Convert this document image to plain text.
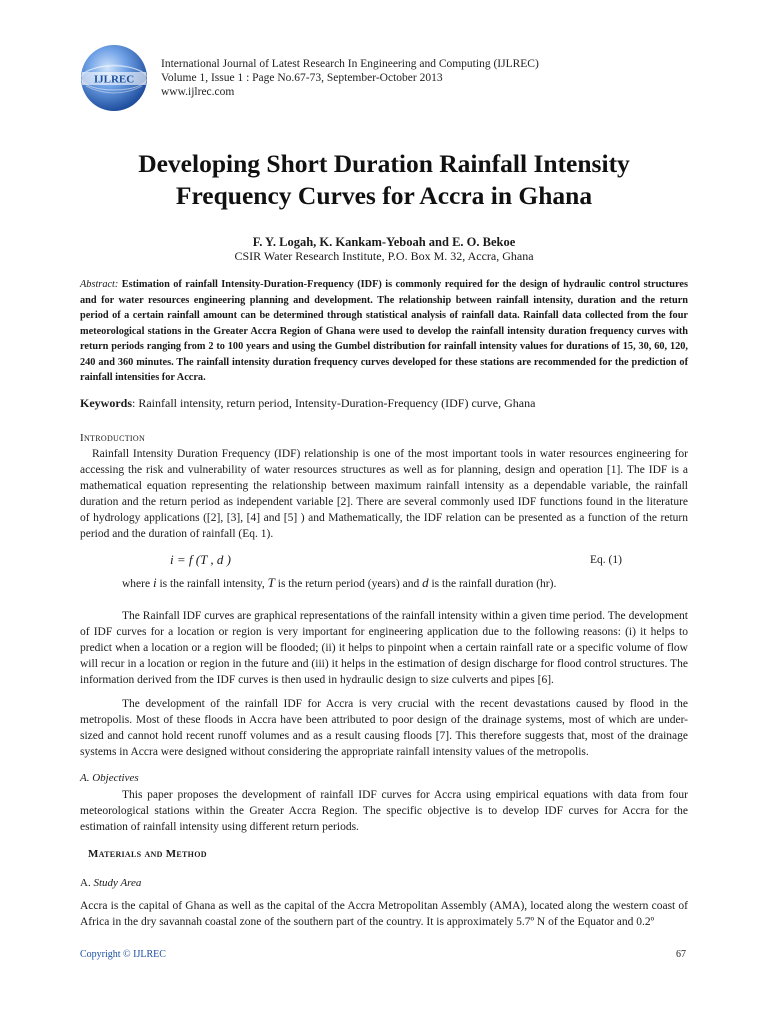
IJLREC
International Journal of Latest Research In Engineering and Computing (IJLREC)
Volume 1, Issue 1 : Page No.67-73, September-October 2013
www.ijlrec.com
Developing Short Duration Rainfall Intensity
Frequency Curves for Accra in Ghana
F. Y. Logah, K. Kankam-Yeboah and E. O. Bekoe
CSIR Water Research Institute, P.O. Box M. 32, Accra, Ghana
Abstract: Estimation of rainfall Intensity-Duration-Frequency (IDF) is commonly required for the design of hydraulic control structures and for water resources engineering planning and development. The relationship between rainfall intensity, duration and the return period of a certain rainfall amount can be determined through statistical analysis of rainfall data. Rainfall data collected from the four meteorological stations in the Greater Accra Region of Ghana were used to develop the rainfall intensity duration frequency curves with return periods ranging from 2 to 100 years and using the Gumbel distribution for rainfall intensity values for durations of 15, 30, 60, 120, 240 and 360 minutes. The rainfall intensity duration frequency curves developed for these stations are recommended for the prediction of rainfall intensities for Accra.
Keywords: Rainfall intensity, return period, Intensity-Duration-Frequency (IDF) curve, Ghana
Introduction
Rainfall Intensity Duration Frequency (IDF) relationship is one of the most important tools in water resources engineering for accessing the risk and vulnerability of water resources structures as well as for planning, design and operation [1]. The IDF is a mathematical equation representing the relationship between maximum rainfall intensity as a dependable variable, the rainfall duration and the return period as independent variable [2]. There are several commonly used IDF functions found in the literature of hydrology applications ([2], [3], [4] and [5] ) and Mathematically, the IDF relation can be presented as a function of the return period and the duration of rainfall (Eq. 1).
i = f (T , d )	Eq. (1)
where i is the rainfall intensity, T is the return period (years) and d is the rainfall duration (hr).
The Rainfall IDF curves are graphical representations of the rainfall intensity within a given time period. The development of IDF curves for a location or region is very important for engineering application due to the following reasons: (i) it helps to predict when a location or a region will be flooded; (ii) it helps to pinpoint when a certain rainfall rate or a specific volume of flow will recur in a location or region in the future and (iii) it helps in the estimation of design discharge for flood control structures. The information derived from the IDF curves is then used in hydraulic design to size culverts and pipes [6].
The development of the rainfall IDF for Accra is very crucial with the recent devastations caused by flood in the metropolis. Most of these floods in Accra have been attributed to poor design of the drainage systems, most of which are under-sized and cannot hold recent runoff volumes and as a result causing floods [7]. This therefore suggests that, most of the drainage systems in Accra were designed without considering the appropriate rainfall intensity values of the metropolis.
A. Objectives
This paper proposes the development of rainfall IDF curves for Accra using empirical equations with data from four meteorological stations within the Greater Accra Region. The specific objective is to develop IDF curves for Accra for the estimation of rainfall intensity using different return periods.
Materials and Method
A. Study Area
Accra is the capital of Ghana as well as the capital of the Accra Metropolitan Assembly (AMA), located along the western coast of Africa in the dry savannah coastal zone of the southern part of the country. It is approximately 5.7º N of the Equator and 0.2º
Copyright © IJLREC	67
